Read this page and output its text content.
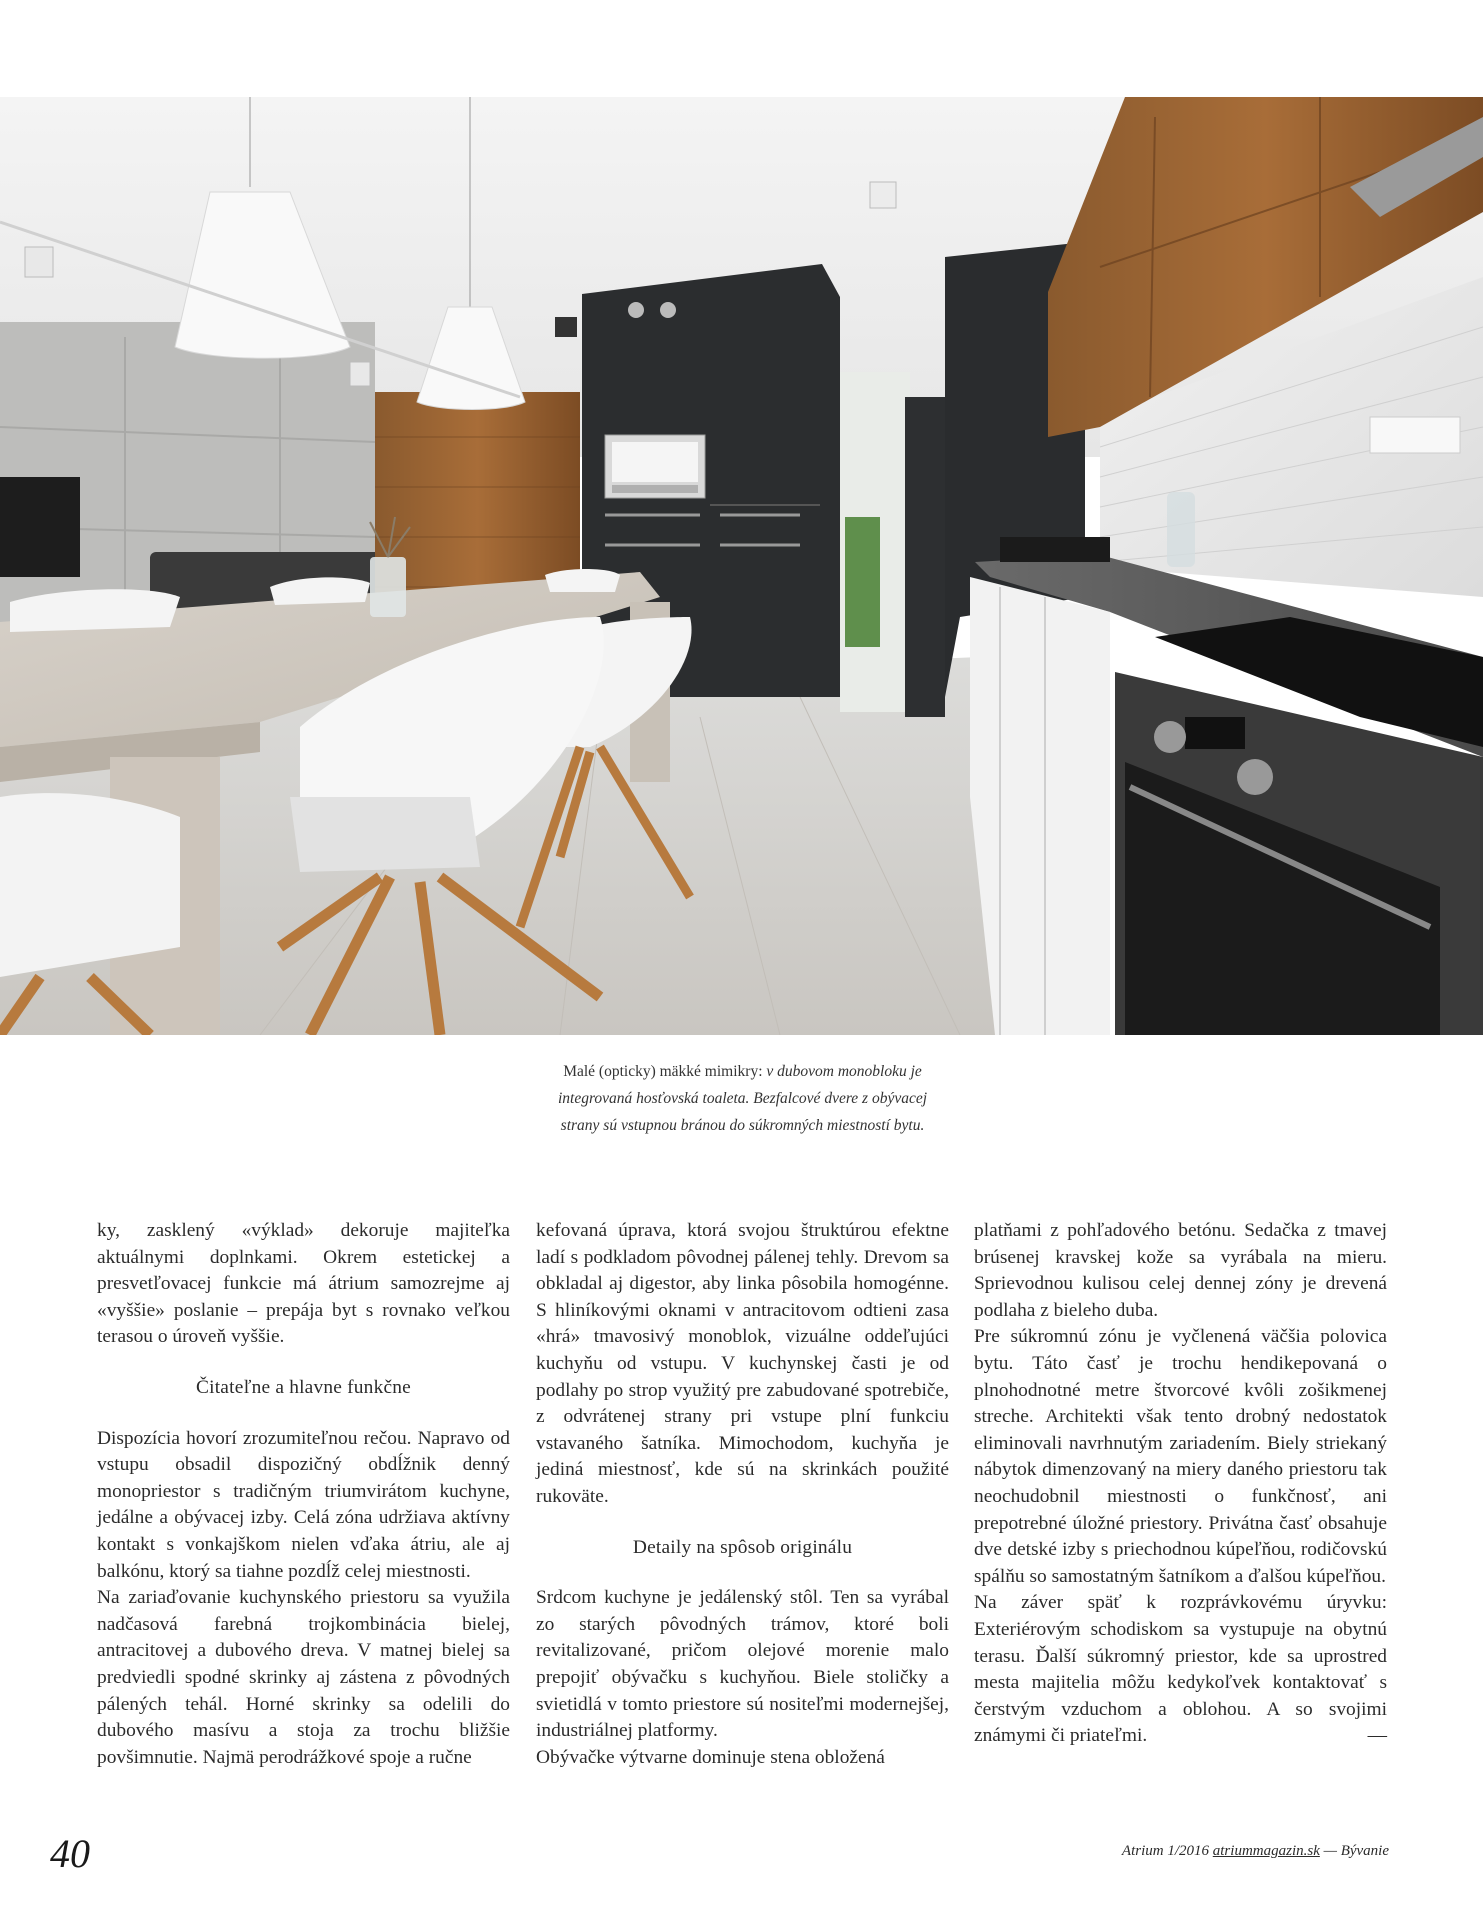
Malé (opticky) mäkké mimikry: v dubovom monobloku je integrovaná hosťovská toaleta. Bezfalcové dvere z obývacej strany sú vstupnou bránou do súkromných miestností bytu.

ky, zasklený «výklad» dekoruje majiteľka aktuálnymi doplnkami. Okrem estetickej a presvetľovacej funkcie má átrium samozrejme aj «vyššie» poslanie – prepája byt s rovnako veľkou terasou o úroveň vyššie.

Čitateľne a hlavne funkčne

Dispozícia hovorí zrozumiteľnou rečou. Napravo od vstupu obsadil dispozičný obdĺžnik denný monopriestor s tradičným triumvirátom kuchyne, jedálne a obývacej izby. Celá zóna udržiava aktívny kontakt s vonkajškom nielen vďaka átriu, ale aj balkónu, ktorý sa tiahne pozdĺž celej miestnosti.

Na zariaďovanie kuchynského priestoru sa využila nadčasová farebná trojkombinácia bielej, antracitovej a dubového dreva. V matnej bielej sa predviedli spodné skrinky aj zástena z pôvodných pálených tehál. Horné skrinky sa odelili do dubového masívu a stoja za trochu bližšie povšimnutie. Najmä perodrážkové spoje a ručne

kefovaná úprava, ktorá svojou štruktúrou efektne ladí s podkladom pôvodnej pálenej tehly. Drevom sa obkladal aj digestor, aby linka pôsobila homogénne. S hliníkovými oknami v antracitovom odtieni zasa «hrá» tmavosivý monoblok, vizuálne oddeľujúci kuchyňu od vstupu. V kuchynskej časti je od podlahy po strop využitý pre zabudované spotrebiče, z odvrátenej strany pri vstupe plní funkciu vstavaného šatníka. Mimochodom, kuchyňa je jediná miestnosť, kde sú na skrinkách použité rukoväte.

Detaily na spôsob originálu

Srdcom kuchyne je jedálenský stôl. Ten sa vyrábal zo starých pôvodných trámov, ktoré boli revitalizované, pričom olejové morenie malo prepojiť obývačku s kuchyňou. Biele stoličky a svietidlá v tomto priestore sú nositeľmi modernejšej, industriálnej platformy.

Obývačke výtvarne dominuje stena obložená

platňami z pohľadového betónu. Sedačka z tmavej brúsenej kravskej kože sa vyrábala na mieru. Sprievodnou kulisou celej dennej zóny je drevená podlaha z bieleho duba.

Pre súkromnú zónu je vyčlenená väčšia polovica bytu. Táto časť je trochu hendikepovaná o plnohodnotné metre štvorcové kvôli zošikmenej streche. Architekti však tento drobný nedostatok eliminovali navrhnutým zariadením. Biely striekaný nábytok dimenzovaný na miery daného priestoru tak neochudobnil miestnosti o funkčnosť, ani prepotrebné úložné priestory. Privátna časť obsahuje dve detské izby s priechodnou kúpeľňou, rodičovskú spálňu so samostatným šatníkom a ďalšou kúpeľňou.

Na záver späť k rozprávkovému úryvku: Exteriérovým schodiskom sa vystupuje na obytnú terasu. Ďalší súkromný priestor, kde sa uprostred mesta majitelia môžu kedykoľvek kontaktovať s čerstvým vzduchom a oblohou. A so svojimi známymi či priateľmi.	—

40	Atrium 1/2016 atriummagazin.sk — Bývanie
